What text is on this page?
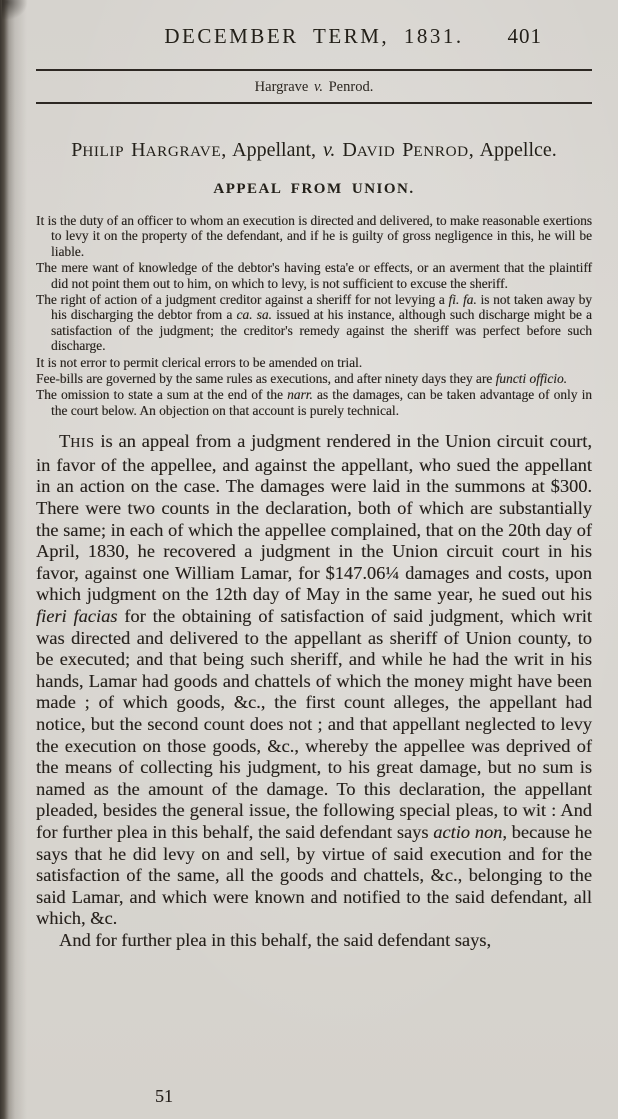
DECEMBER TERM, 1831. 401
Hargrave v. Penrod.
PHILIP HARGRAVE, Appellant, v. DAVID PENROD, Appellce.
APPEAL FROM UNION.

It is the duty of an officer to whom an execution is directed and delivered, to make reasonable exertions to levy it on the property of the defendant, and if he is guilty of gross negligence in this, he will be liable.

The mere want of knowledge of the debtor's having esta'e or effects, or an averment that the plaintiff did not point them out to him, on which to levy, is not sufficient to excuse the sheriff.

The right of action of a judgment creditor against a sheriff for not levying a fi. fa. is not taken away by his discharging the debtor from a ca. sa. issued at his instance, although such discharge might be a satisfaction of the judgment; the creditor's remedy against the sheriff was perfect before such discharge.

It is not error to permit clerical errors to be amended on trial.

Fee-bills are governed by the same rules as executions, and after ninety days they are functi officio.

The omission to state a sum at the end of the narr. as the damages, can be taken advantage of only in the court below. An objection on that account is purely technical.

THIS is an appeal from a judgment rendered in the Union circuit court, in favor of the appellee, and against the appellant, who sued the appellant in an action on the case. The damages were laid in the summons at $300. There were two counts in the declaration, both of which are substantially the same; in each of which the appellee complained, that on the 20th day of April, 1830, he recovered a judgment in the Union circuit court in his favor, against one William Lamar, for $147.06¼ damages and costs, upon which judgment on the 12th day of May in the same year, he sued out his fieri facias for the obtaining of satisfaction of said judgment, which writ was directed and delivered to the appellant as sheriff of Union county, to be executed; and that being such sheriff, and while he had the writ in his hands, Lamar had goods and chattels of which the money might have been made ; of which goods, &c., the first count alleges, the appellant had notice, but the second count does not ; and that appellant neglected to levy the execution on those goods, &c., whereby the appellee was deprived of the means of collecting his judgment, to his great damage, but no sum is named as the amount of the damage. To this declaration, the appellant pleaded, besides the general issue, the following special pleas, to wit : And for further plea in this behalf, the said defendant says actio non, because he says that he did levy on and sell, by virtue of said execution and for the satisfaction of the same, all the goods and chattels, &c., belonging to the said Lamar, and which were known and notified to the said defendant, all which, &c.

And for further plea in this behalf, the said defendant says,

51
